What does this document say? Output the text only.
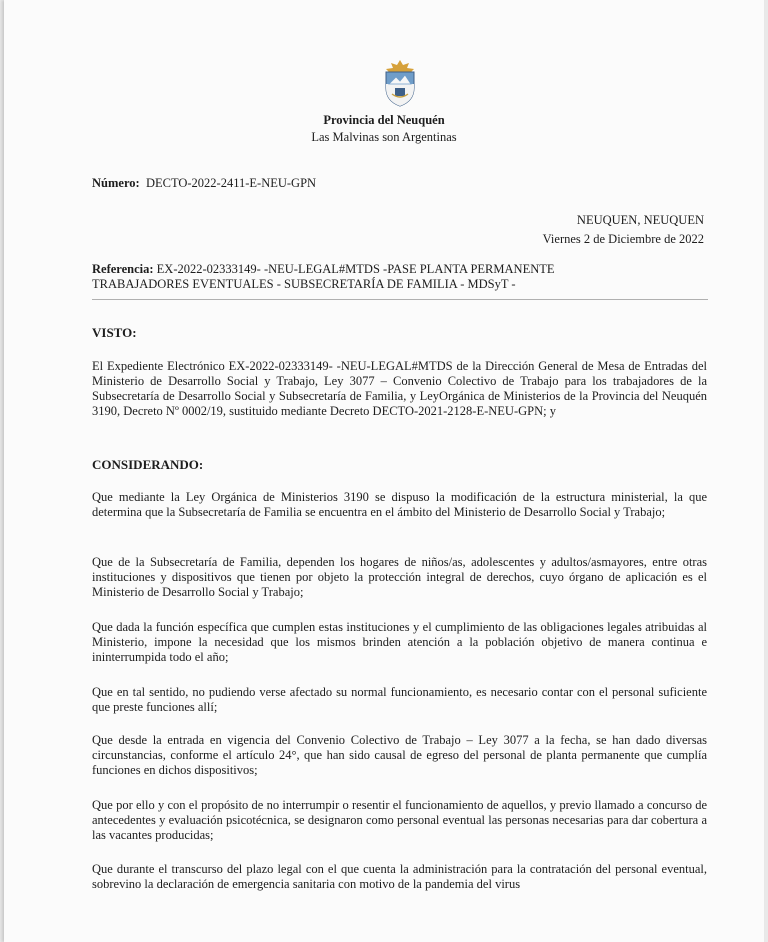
Provincia del Neuquén
Las Malvinas son Argentinas
Número: DECTO-2022-2411-E-NEU-GPN
NEUQUEN, NEUQUEN
Viernes 2 de Diciembre de 2022
Referencia: EX-2022-02333149- -NEU-LEGAL#MTDS -PASE PLANTA PERMANENTE TRABAJADORES EVENTUALES - SUBSECRETARÍA DE FAMILIA - MDSyT -
VISTO:
El Expediente Electrónico EX-2022-02333149- -NEU-LEGAL#MTDS de la Dirección General de Mesa de Entradas del Ministerio de Desarrollo Social y Trabajo, Ley 3077 – Convenio Colectivo de Trabajo para los trabajadores de la Subsecretaría de Desarrollo Social y Subsecretaría de Familia, y LeyOrgánica de Ministerios de la Provincia del Neuquén 3190, Decreto Nº 0002/19, sustituido mediante Decreto DECTO-2021-2128-E-NEU-GPN; y
CONSIDERANDO:
Que mediante la Ley Orgánica de Ministerios 3190 se dispuso la modificación de la estructura ministerial, la que determina que la Subsecretaría de Familia se encuentra en el ámbito del Ministerio de Desarrollo Social y Trabajo;
Que de la Subsecretaría de Familia, dependen los hogares de niños/as, adolescentes y adultos/asmayores, entre otras instituciones y dispositivos que tienen por objeto la protección integral de derechos, cuyo órgano de aplicación es el Ministerio de Desarrollo Social y Trabajo;
Que dada la función específica que cumplen estas instituciones y el cumplimiento de las obligaciones legales atribuidas al Ministerio, impone la necesidad que los mismos brinden atención a la población objetivo de manera continua e ininterrumpida todo el año;
Que en tal sentido, no pudiendo verse afectado su normal funcionamiento, es necesario contar con el personal suficiente que preste funciones allí;
Que desde la entrada en vigencia del Convenio Colectivo de Trabajo – Ley 3077 a la fecha, se han dado diversas circunstancias, conforme el artículo 24°, que han sido causal de egreso del personal de planta permanente que cumplía funciones en dichos dispositivos;
Que por ello y con el propósito de no interrumpir o resentir el funcionamiento de aquellos, y previo llamado a concurso de antecedentes y evaluación psicotécnica, se designaron como personal eventual las personas necesarias para dar cobertura a las vacantes producidas;
Que durante el transcurso del plazo legal con el que cuenta la administración para la contratación del personal eventual, sobrevino la declaración de emergencia sanitaria con motivo de la pandemia del virus
